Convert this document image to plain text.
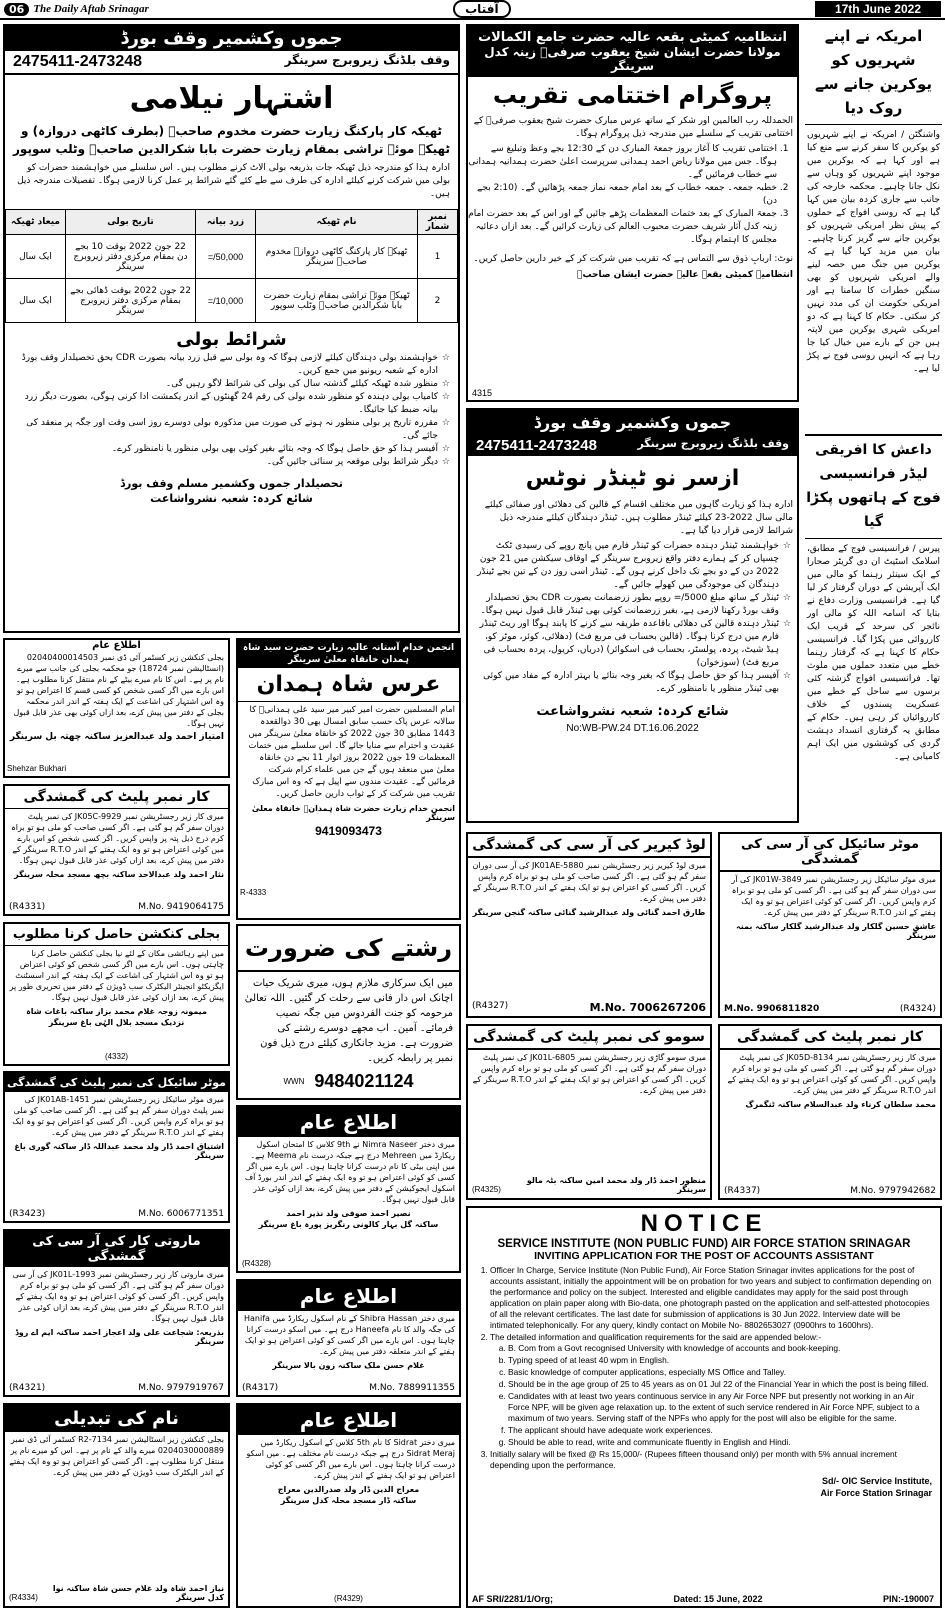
06 The Daily Aftab Srinagar	آفتاب	17th June 2022
جموں وکشمیر وقف بورڈ
وقف بلڈنگ زیروبرج سرینگر
2475411-2473248
اشتہار نیلامی
ٹھیکہ کار پارکنگ زیارت حضرت مخدوم صاحبؒ (بطرف کاٹھی دروازہ) و
ٹھیکہ موئے تراشی بمقام زیارت حضرت بابا شکرالدین صاحبؒ وٹلب سوپور
ادارہ ہذا کو مندرجہ ذیل ٹھیکہ جات بذریعہ بولی الاٹ کرنے مطلوب ہیں۔ اس سلسلے میں خواہشمند حضرات کو بولی میں شرکت کرنے کیلئے ادارہ کی طرف سے طے کئے گئے شرائط پر عمل کرنا لازمی ہوگا۔ تفصیلات مندرجہ ذیل ہیں۔
نمبر شمار	نام ٹھیکہ	زرد بیانہ	تاریخ بولی	میعاد ٹھیکہ
1	ٹھیکہ کار پارکنگ کاٹھی دروازہ مخدوم صاحبؒ سرینگر	50,000/=	22 جون 2022 بوقت 10 بجے دن بمقام مرکزی دفتر زیروبرج سرینگر	ایک سال
2	ٹھیکہ موئے تراشی بمقام زیارت حضرت بابا شکرالدین صاحبؒ وٹلب سوپور	10,000/=	22 جون 2022 بوقت ڈھائی بجے بمقام مرکزی دفتر زیروبرج سرینگر	ایک سال
شرائط بولی
☆ خواہشمند بولی دہندگان کیلئے لازمی ہوگا کہ وہ بولی سے قبل زرد بیانہ بصورت CDR بحق تحصیلدار وقف بورڈ ادارہ کے شعبہ ریونیو میں جمع کریں۔
☆ منظور شدہ ٹھیکہ کیلئے گذشتہ سال کی بولی کی شرائط لاگو رہیں گی۔
☆ کامیاب بولی دہندہ کو منظور شدہ بولی کی رقم 24 گھنٹوں کے اندر یکمشت ادا کرنی ہوگی، بصورت دیگر زرد بیانہ ضبط کیا جائیگا۔
☆ مقررہ تاریخ پر بولی منظور نہ ہونے کی صورت میں مذکورہ بولی دوسرے روز اسی وقت اور جگہ پر منعقد کی جائے گی۔
☆ آفیسر ہذا کو حق حاصل ہوگا کہ وجہ بتائے بغیر کوئی بھی بولی منظور یا نامنظور کرے۔
☆ دیگر شرائط بولی موقعہ پر سنائی جائیں گی۔
تحصیلدار جموں وکشمیر مسلم وقف بورڈ
شائع کردہ: شعبہ نشرواشاعت
انتظامیہ کمیٹی بقعہ عالیہ حضرت جامع الکمالات
مولانا حضرت ایشان شیخ یعقوب صرفیؒ زینہ کدل سرینگر
پروگرام اختتامی تقریب
الحمدللہ رب العالمین اور شکر کے ساتھ عرس مبارک حضرت شیخ یعقوب صرفیؒ کے اختتامی تقریب کے سلسلے میں مندرجہ ذیل پروگرام ہوگا۔
1. اختتامی تقریب کا آغاز بروز جمعۃ المبارک دن کے 12:30 بجے وعظ وتبلیغ سے ہوگا۔ جس میں مولانا ریاض احمد ہمدانی سرپرست اعلیٰ حضرت ہمدانیہ ہمدانی سے خطاب فرمائیں گے۔
2. خطبہ جمعہ۔ جمعہ خطاب کے بعد امام جمعہ نماز جمعہ پڑھائیں گے۔ (2:10 بجے دن)
3. جمعۃ المبارک کے بعد ختمات المعظمات پڑھے جائیں گے اور اس کے بعد حضرت امام زینہ کدل آثار شریف حضرت محبوب العالم کی زیارت کرائیں گے۔ بعد ازاں دعائیہ مجلس کا اہتمام ہوگا۔
نوٹ: اربابِ ذوق سے التماس ہے کہ تقریب میں شرکت کر کے خیر دارین حاصل کریں۔
انتظامیہ کمیٹی بقعہ عالیہ حضرت ایشان صاحبؒ
4315
امریکہ نے اپنے شہریوں کو یوکرین جانے سے روک دیا
واشنگٹن / امریکہ نے اپنے شہریوں کو یوکرین کا سفر کرنے سے منع کیا ہے اور کہا ہے کہ یوکرین میں موجود اپنے شہریوں کو وہاں سے نکل جانا چاہیے۔ محکمہ خارجہ کی جانب سے جاری کردہ بیان میں کہا گیا ہے کہ روسی افواج کے حملوں کے پیش نظر امریکی شہریوں کو یوکرین جانے سے گریز کرنا چاہیے۔ بیان میں مزید کہا گیا ہے کہ یوکرین میں جنگ میں حصہ لینے والے امریکی شہریوں کو بھی سنگین خطرات کا سامنا ہے اور امریکی حکومت ان کی مدد نہیں کر سکتی۔ حکام کا کہنا ہے کہ دو امریکی شہری یوکرین میں لاپتہ ہیں جن کے بارے میں خیال کیا جا رہا ہے کہ انہیں روسی فوج نے پکڑ لیا ہے۔
داعش کا افریقی لیڈر فرانسیسی فوج کے ہاتھوں پکڑا گیا
پیرس / فرانسیسی فوج کے مطابق، اسلامک اسٹیٹ ان دی گریٹر صحارا کے ایک سینئر رہنما کو مالی میں ایک آپریشن کے دوران گرفتار کر لیا گیا ہے۔ فرانسیسی وزارت دفاع نے بتایا کہ اسامہ اللہ کو مالی اور نائجر کی سرحد کے قریب ایک کارروائی میں پکڑا گیا۔ فرانسیسی حکام کا کہنا ہے کہ گرفتار رہنما خطے میں متعدد حملوں میں ملوث تھا۔ فرانسیسی افواج گزشتہ کئی برسوں سے ساحل کے خطے میں عسکریت پسندوں کے خلاف کارروائیاں کر رہی ہیں۔ حکام کے مطابق یہ گرفتاری انسداد دہشت گردی کی کوششوں میں ایک اہم کامیابی ہے۔
جموں وکشمیر وقف بورڈ
وقف بلڈنگ زیروبرج سرینگر
2475411-2473248
ازسر نو ٹینڈر نوٹس
ادارہ ہذا کو زیارت گاہوں میں مختلف اقسام کے قالین کی دھلائی اور صفائی کیلئے مالی سال 2022-23 کیلئے ٹینڈر مطلوب ہیں۔ ٹینڈر دہندگان کیلئے مندرجہ ذیل شرائط لازمی قرار دیا گیا ہے۔
☆ خواہشمند ٹینڈر دہندہ حضرات کو ٹینڈر فارم میں پانچ روپے کی رسیدی ٹکٹ چسپاں کر کے ہمارے دفتر واقع زیروبرج سرینگر کے اوقاف سیکشن میں 21 جون 2022 دن کے دو بجے تک داخل کرنے ہوں گے۔ ٹینڈر اسی روز دن کے تین بجے ٹینڈر دہندگان کی موجودگی میں کھولے جائیں گے۔
☆ ٹینڈر کے ساتھ مبلغ 5000/= روپے بطور زرضمانت بصورت CDR بحق تحصیلدار وقف بورڈ رکھنا لازمی ہے، بغیر زرضمانت کوئی بھی ٹینڈر قابل قبول نہیں ہوگا۔
☆ ٹینڈر دہندہ قالین کی دھلائی باقاعدہ طریقہ سے کرنے کا پابند ہوگا اور ریٹ ٹینڈر فارم میں درج کرنا ہوگا۔ (قالین بحساب فی مربع فٹ) (دھلائی، کوئر، موٹر کو، ہیڈ شیٹ، پردہ، پولسٹر، بحساب فی اسکوائر) (دریاں، کریول، پردہ بحساب فی مربع فٹ) (سوزخوان)
☆ آفیسر ہذا کو حق حاصل ہوگا کہ بغیر وجہ بتائے یا بہتر ادارہ کے مفاد میں کوئی بھی ٹینڈر منظور یا نامنظور کرے۔
شائع کردہ: شعبہ نشرواشاعت
No:WB-PW.24 DT.16.06.2022
اطلاع عام
بجلی کنکشن زیر کسٹمر آئی ڈی نمبر 02040400014503 (انسٹالیشن نمبر 18724) جو محکمہ بجلی کی جانب سے میرے نام پر ہے۔ اس کا نام میرے بیٹے کے نام منتقل کرنا مطلوب ہے۔ اس بارے میں اگر کسی شخص کو کسی قسم کا اعتراض ہو تو وہ اس اشتہار کی اشاعت کے ایک ہفتہ کے اندر اندر محکمہ بجلی کے دفتر میں پیش کرے، بعد ازاں کوئی بھی عذر قابل قبول نہیں ہوگا۔
امتیاز احمد ولد عبدالعزیز ساکنہ چھتہ بل سرینگر
Shehzar Bukhari
انجمن خدام آستانہ عالیہ زیارت حضرت سید شاہ ہمدان خانقاہ معلیٰ سرینگر
عرس شاہ ہمدان
امام المسلمین حضرت امیر کبیر میر سید علی ہمدانیؒ کا سالانہ عرس پاک حسب سابق امسال بھی 30 ذوالقعدہ 1443 مطابق 30 جون 2022 کو خانقاہ معلیٰ سرینگر میں عقیدت و احترام سے منایا جائے گا۔ اس سلسلے میں ختمات المعظمات 19 جون 2022 بروز اتوار 11 بجے دن خانقاہ معلیٰ میں منعقد ہوں گے جن میں علماء کرام شرکت فرمائیں گے۔ عقیدت مندوں سے اپیل ہے کہ وہ اس مبارک تقریب میں شرکت کر کے ثواب دارین حاصل کریں۔
انجمن خدام زیارت حضرت شاہ ہمدانؒ خانقاہ معلیٰ سرینگر
9419093473
R-4333
کار نمبر پلیٹ کی گمشدگی
میری کار زیر رجسٹریشن نمبر JK05C-9929 کی نمبر پلیٹ دوران سفر گم ہو گئی ہے۔ اگر کسی صاحب کو ملی ہو تو براہ کرم درج ذیل پتہ پر واپس کریں۔ اگر کسی شخص کو اس بارے میں کوئی اعتراض ہو تو وہ ایک ہفتے کے اندر R.T.O سرینگر کے دفتر میں پیش کرے، بعد ازاں کوئی عذر قابل قبول نہیں ہوگا۔
نثار احمد ولد عبدالاحد ساکنہ بچھ مسجد محلہ سرینگر
(R4331)	M.No. 9419064175
بجلی کنکشن حاصل کرنا مطلوب
میں اپنے رہائشی مکان کے لئے نیا بجلی کنکشن حاصل کرنا چاہتی ہوں۔ اس بارے میں اگر کسی شخص کو کوئی اعتراض ہو تو وہ اس اشتہار کی اشاعت کے ایک ہفتہ کے اندر اسسٹنٹ ایگزیکٹو انجینئر الیکٹرک سب ڈویژن کے دفتر میں تحریری طور پر پیش کرے، بعد ازاں کوئی عذر قابل قبول نہیں ہوگا۔
میمونہ زوجہ غلام محمد بزاز ساکنہ باغات شاہ
نزدیک مسجد بلال الہٰی باغ سرینگر
(4332)
رشتے کی ضرورت
میں ایک سرکاری ملازم ہوں، میری شریک حیات اچانک اس دار فانی سے رحلت کر گئیں۔ اللہ تعالیٰ مرحومہ کو جنت الفردوس میں جگہ نصیب فرمائے۔ آمین۔ اب مجھے دوسرے رشتے کی ضرورت ہے۔ مزید جانکاری کیلئے درج ذیل فون نمبر پر رابطہ کریں۔
WWN 9484021124
موٹر سائیکل کی نمبر پلیٹ کی گمشدگی
میری موٹر سائیکل زیر رجسٹریشن نمبر JK01AB-1451 کی نمبر پلیٹ دوران سفر گم ہو گئی ہے۔ اگر کسی صاحب کو ملی ہو تو براہ کرم واپس کریں۔ اگر کسی کو اعتراض ہو تو وہ ایک ہفتے کے اندر R.T.O سرینگر کے دفتر میں پیش کرے۔
اشتیاق احمد ڈار ولد محمد عبداللہ ڈار ساکنہ گوری باغ سرینگر
(R3423)	M.No. 6006771351
اطلاع عام
میری دختر Nimra Naseer نے 9th کلاس کا امتحان اسکول ریکارڈ میں Mehreen درج ہے جبکہ درست نام Meema ہے۔ میں اپنی بیٹی کا نام درست کرانا چاہتا ہوں۔ اس بارے میں اگر کسی کو کوئی اعتراض ہو تو وہ ایک ہفتے کے اندر اندر بورڈ آف اسکول ایجوکیشن کے دفتر میں پیش کرے، بعد ازاں کوئی عذر قابل قبول نہیں ہوگا۔
نصیر احمد صوفی ولد نذیر احمد
ساکنہ گل بہار کالونی رنگریز پورہ باغ سرینگر
(R4328)
ماروتی کار کی آر سی کی گمشدگی
میری ماروتی کار زیر رجسٹریشن نمبر JK01L-1993 کی آر سی دوران سفر گم ہو گئی ہے۔ اگر کسی کو ملی ہو تو براہ کرم واپس کریں۔ اگر کسی کو کوئی اعتراض ہو تو وہ ایک ہفتے کے اندر R.T.O سرینگر کے دفتر میں پیش کرے، بعد ازاں کوئی عذر قابل قبول نہیں ہوگا۔
بذریعہ: شجاعت علی ولد اعجاز احمد ساکنہ ایم اے روڈ سرینگر
(R4321)	M.No. 9797919767
اطلاع عام
میری دختر Shibra Hassan کے نام اسکول ریکارڈ میں Hanifa کی جگہ والد کا نام Haneefa درج ہے۔ میں اسکو درست کرانا چاہتا ہوں۔ اس بارے میں اگر کسی کو کوئی اعتراض ہو تو ایک ہفتے کے اندر متعلقہ دفتر میں پیش کرے۔
غلام حسن ملک ساکنہ زون بالا سرینگر
(R4317)	M.No. 7889911355
نام کی تبدیلی
بجلی کنکشن زیر انسٹالیشن نمبر 7134-R2 کسٹمر آئی ڈی نمبر 0204030000889 میرے والد کے نام پر ہے۔ اس کو میرے نام پر منتقل کرنا مطلوب ہے۔ اگر کسی کو اعتراض ہو تو وہ ایک ہفتے کے اندر الیکٹرک سب ڈویژن کے دفتر میں پیش کرے۔
نیاز احمد شاہ ولد غلام حسن شاہ ساکنہ نوا کدل سرینگر
(R4334)
اطلاع عام
میری دختر Sidrat کا نام 5th کلاس کے اسکول ریکارڈ میں Sidrat Meraj درج ہے جبکہ درست نام مختلف ہے۔ میں اسکو درست کرانا چاہتا ہوں۔ اس بارے میں اگر کسی کو کوئی اعتراض ہو تو ایک ہفتے کے اندر پیش کرے۔
معراج الدین ڈار ولد صدرالدین معراج
ساکنہ ڈار مسجد محلہ کدل سرینگر
(R4329)
لوڈ کیریر کی آر سی کی گمشدگی
میری لوڈ کیریر زیر رجسٹریشن نمبر JK01AE-5880 کی آر سی دوران سفر گم ہو گئی ہے۔ اگر کسی صاحب کو ملی ہو تو براہ کرم واپس کریں۔ اگر کسی کو اعتراض ہو تو ایک ہفتے کے اندر R.T.O سرینگر کے دفتر میں پیش کرے۔
طارق احمد گنائی ولد عبدالرشید گنائی ساکنہ گنجن سرینگر
(R4327)	M.No. 7006267206
موٹر سائیکل کی آر سی کی گمشدگی
میری موٹر سائیکل زیر رجسٹریشن نمبر JK01W-3849 کی آر سی دوران سفر گم ہو گئی ہے۔ اگر کسی کو ملی ہو تو براہ کرم واپس کریں۔ اگر کسی کو کوئی اعتراض ہو تو وہ ایک ہفتے کے اندر R.T.O سرینگر کے دفتر میں پیش کرے۔
عاشق حسین گلکار ولد عبدالرشید گلکار ساکنہ بمنہ سرینگر
M.No. 9906811820	(R4324)
سومو کی نمبر پلیٹ کی گمشدگی
میری سومو گاڑی زیر رجسٹریشن نمبر JK01L-6805 کی نمبر پلیٹ دوران سفر گم ہو گئی ہے۔ اگر کسی کو ملی ہو تو براہ کرم واپس کریں۔ اگر کسی کو اعتراض ہو تو ایک ہفتے کے اندر R.T.O سرینگر کے دفتر میں پیش کرے۔
منظور احمد ڈار ولد محمد امین ساکنہ بٹہ مالو سرینگر
(R4325)
کار نمبر پلیٹ کی گمشدگی
میری کار زیر رجسٹریشن نمبر JK05D-8134 کی نمبر پلیٹ دوران سفر گم ہو گئی ہے۔ اگر کسی کو ملی ہو تو براہ کرم واپس کریں۔ اگر کسی کو کوئی اعتراض ہو تو وہ ایک ہفتے کے اندر R.T.O سرینگر کے دفتر میں پیش کرے۔
محمد سلطان کرناء ولد عبدالسلام ساکنہ ٹنگمرگ
(R4337)	M.No. 9797942682
NOTICE
SERVICE INSTITUTE (NON PUBLIC FUND) AIR FORCE STATION SRINAGAR
INVITING APPLICATION FOR THE POST OF ACCOUNTS ASSISTANT
1. Officer In Charge, Service Institute (Non Public Fund), Air Force Station Srinagar invites applications for the post of accounts assistant, initially the appointment will be on probation for two years and subject to confirmation depending on the performance and policy on the subject. Interested and eligible candidates may apply for the said post through application on plain paper along with Bio-data, one photograph pasted on the application and self-attested photocopies of all the relevant certificates. The last date for submission of applications is 30 Jun 2022. Interview date will be intimated telephonically. For any query, kindly contact on Mobile No- 8802653027 (0900hrs to 1600hrs).
2. The detailed information and qualification requirements for the said are appended below:-
a. B. Com from a Govt recognised University with knowledge of accounts and book-keeping.
b. Typing speed of at least 40 wpm in English.
c. Basic knowledge of computer applications, especially MS Office and Talley.
d. Should be in the age group of 25 to 45 years as on 01 Jul 22 of the Financial Year in which the post is being filled.
e. Candidates with at least two years continuous service in any Air Force NPF but presently not working in an Air Force NPF, will be given age relaxation up. to the extent of such service rendered in Air Force NPF, subject to a maximum of two years. Serving staff of the NPFs who apply for the post will also be eligible for the same.
f. The applicant should have adequate work experiences.
g. Should be able to read, write and communicate fluently in English and Hindi.
3. Initially salary will be fixed @ Rs 15,000/- (Rupees fifteen thousand only) per month with 5% annual increment depending upon the performance.
Sd/- OIC Service Institute,
Air Force Station Srinagar
AF SRI/2281/1/Org;	Dated: 15 June, 2022	PIN:-190007
